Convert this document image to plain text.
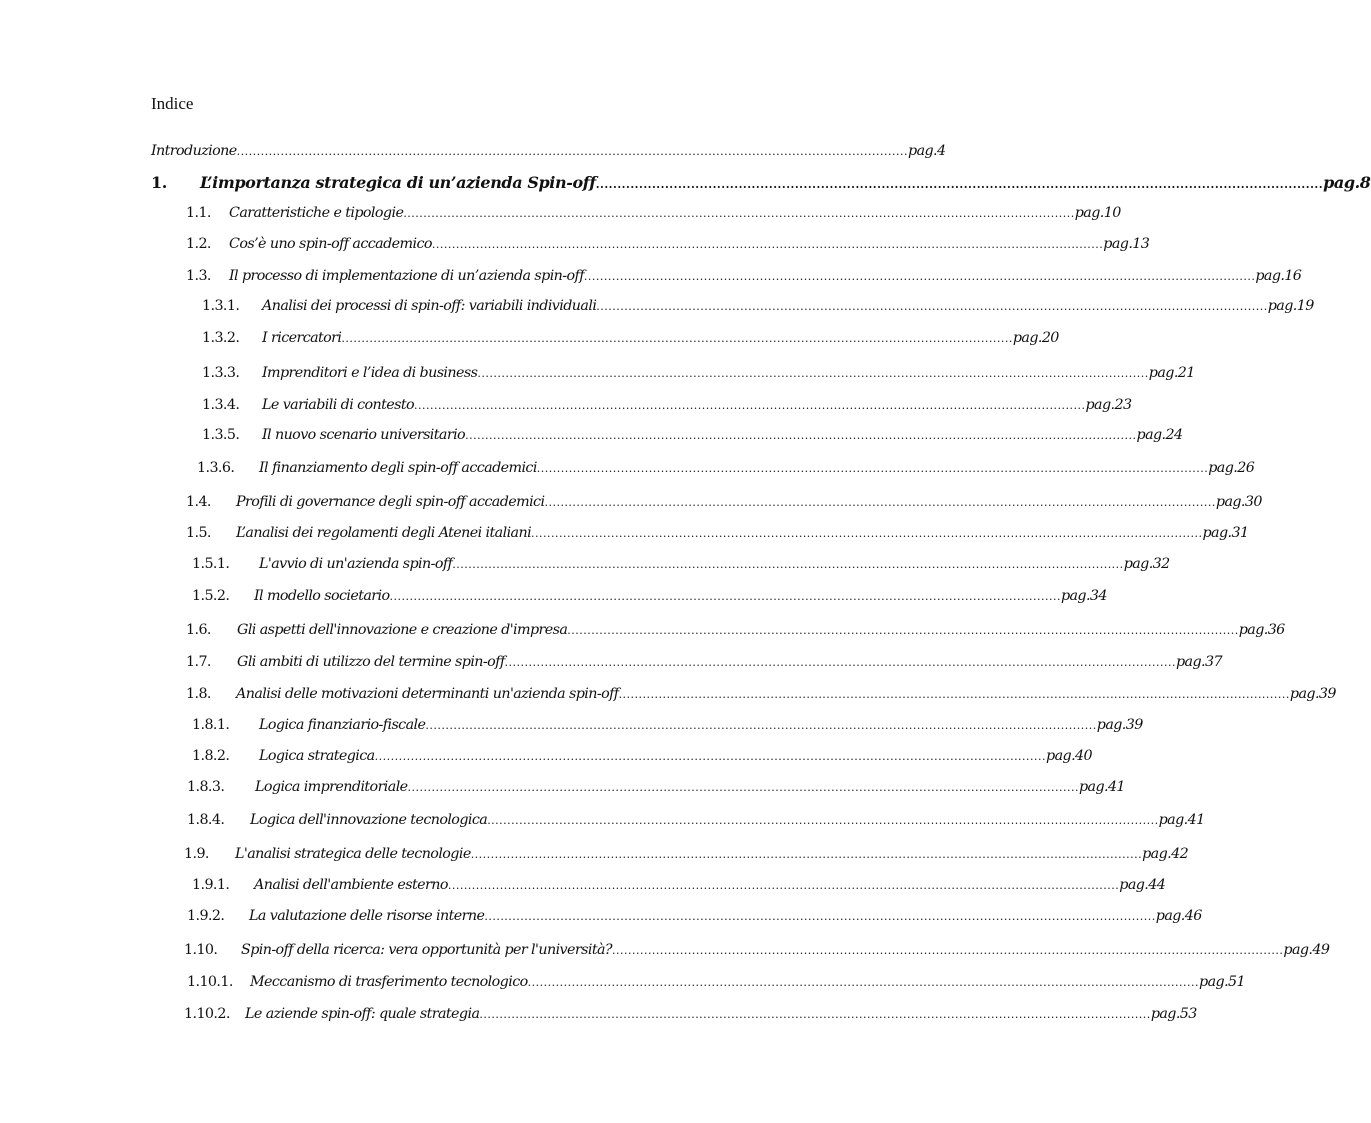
Indice
Introduzione ........................................................................................................................................................................ pag.4
1.	L’importanza strategica di un’azienda Spin-off ........................................................................................................................................................................ pag.8
1.1.	Caratteristiche e tipologie ........................................................................................................................................................................ pag.10
1.2.	Cos’è uno spin-off accademico ........................................................................................................................................................................ pag.13
1.3.	Il processo di implementazione di un’azienda spin-off ........................................................................................................................................................................ pag.16
1.3.1.	Analisi dei processi di spin-off: variabili individuali ........................................................................................................................................................................ pag.19
1.3.2.	I ricercatori ........................................................................................................................................................................ pag.20
1.3.3.	Imprenditori e l’idea di business ........................................................................................................................................................................ pag.21
1.3.4.	Le variabili di contesto ........................................................................................................................................................................ pag.23
1.3.5.	Il nuovo scenario universitario ........................................................................................................................................................................ pag.24
1.3.6.	Il finanziamento degli spin-off accademici ........................................................................................................................................................................ pag.26
1.4.	Profili di governance degli spin-off accademici ........................................................................................................................................................................ pag.30
1.5.	L’analisi dei regolamenti degli Atenei italiani ........................................................................................................................................................................ pag.31
1.5.1.	L'avvio di un'azienda spin-off ........................................................................................................................................................................ pag.32
1.5.2.	Il modello societario ........................................................................................................................................................................ pag.34
1.6.	Gli aspetti dell'innovazione e creazione d'impresa ........................................................................................................................................................................ pag.36
1.7.	Gli ambiti di utilizzo del termine spin-off ........................................................................................................................................................................ pag.37
1.8.	Analisi delle motivazioni determinanti un'azienda spin-off ........................................................................................................................................................................ pag.39
1.8.1.	Logica finanziario-fiscale ........................................................................................................................................................................ pag.39
1.8.2.	Logica strategica ........................................................................................................................................................................ pag.40
1.8.3.	Logica imprenditoriale ........................................................................................................................................................................ pag.41
1.8.4.	Logica dell'innovazione tecnologica ........................................................................................................................................................................ pag.41
1.9.	L'analisi strategica delle tecnologie ........................................................................................................................................................................ pag.42
1.9.1.	Analisi dell'ambiente esterno ........................................................................................................................................................................ pag.44
1.9.2.	La valutazione delle risorse interne ........................................................................................................................................................................ pag.46
1.10.	Spin-off della ricerca: vera opportunità per l'università? ........................................................................................................................................................................ pag.49
1.10.1.	Meccanismo di trasferimento tecnologico ........................................................................................................................................................................ pag.51
1.10.2.	Le aziende spin-off: quale strategia ........................................................................................................................................................................ pag.53
